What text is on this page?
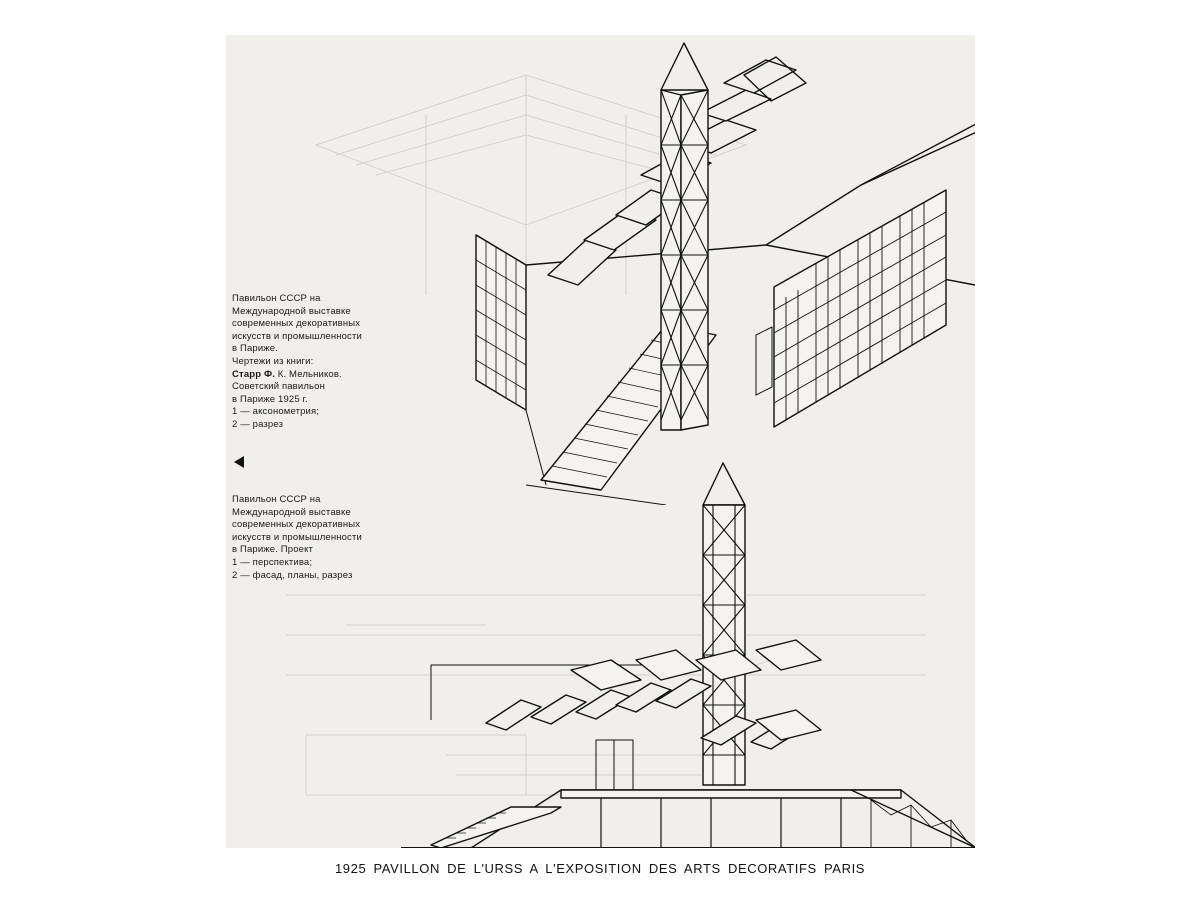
Павильон СССР на
Международной выставке
современных декоративных
искусств и промышленности
в Париже.
Чертежи из книги:
Старр Ф. К. Мельников.
Советский павильон
в Париже 1925 г.
1 — аксонометрия;
2 — разрез
Павильон СССР на
Международной выставке
современных декоративных
искусств и промышленности
в Париже. Проект
1 — перспектива;
2 — фасад, планы, разрез
1925 PAVILLON DE L'URSS A L'EXPOSITION DES ARTS DECORATIFS PARIS
